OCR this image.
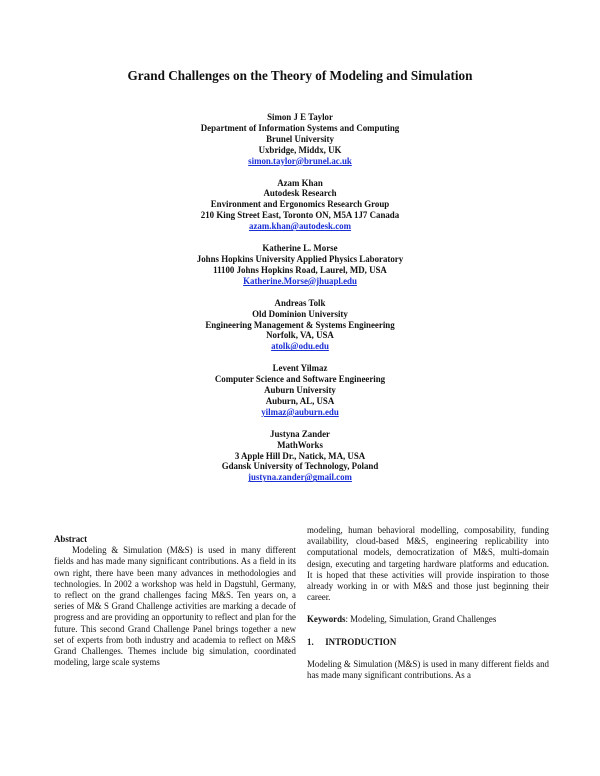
Grand Challenges on the Theory of Modeling and Simulation
Simon J E Taylor
Department of Information Systems and Computing
Brunel University
Uxbridge, Middx, UK
simon.taylor@brunel.ac.uk
Azam Khan
Autodesk Research
Environment and Ergonomics Research Group
210 King Street East, Toronto ON, M5A 1J7 Canada
azam.khan@autodesk.com
Katherine L. Morse
Johns Hopkins University Applied Physics Laboratory
11100 Johns Hopkins Road, Laurel, MD, USA
Katherine.Morse@jhuapl.edu
Andreas Tolk
Old Dominion University
Engineering Management & Systems Engineering
Norfolk, VA, USA
atolk@odu.edu
Levent Yilmaz
Computer Science and Software Engineering
Auburn University
Auburn, AL, USA
yilmaz@auburn.edu
Justyna Zander
MathWorks
3 Apple Hill Dr., Natick, MA, USA
Gdansk University of Technology, Poland
justyna.zander@gmail.com

Abstract

Modeling & Simulation (M&S) is used in many different fields and has made many significant contributions. As a field in its own right, there have been many advances in methodologies and technologies. In 2002 a workshop was held in Dagstuhl, Germany, to reflect on the grand challenges facing M&S. Ten years on, a series of M& S Grand Challenge activities are marking a decade of progress and are providing an opportunity to reflect and plan for the future. This second Grand Challenge Panel brings together a new set of experts from both industry and academia to reflect on M&S Grand Challenges. Themes include big simulation, coordinated modeling, large scale systems

modeling, human behavioral modelling, composability, funding availability, cloud-based M&S, engineering replicability into computational models, democratization of M&S, multi-domain design, executing and targeting hardware platforms and education. It is hoped that these activities will provide inspiration to those already working in or with M&S and those just beginning their career.

Keywords: Modeling, Simulation, Grand Challenges

1. INTRODUCTION

Modeling & Simulation (M&S) is used in many different fields and has made many significant contributions. As a
